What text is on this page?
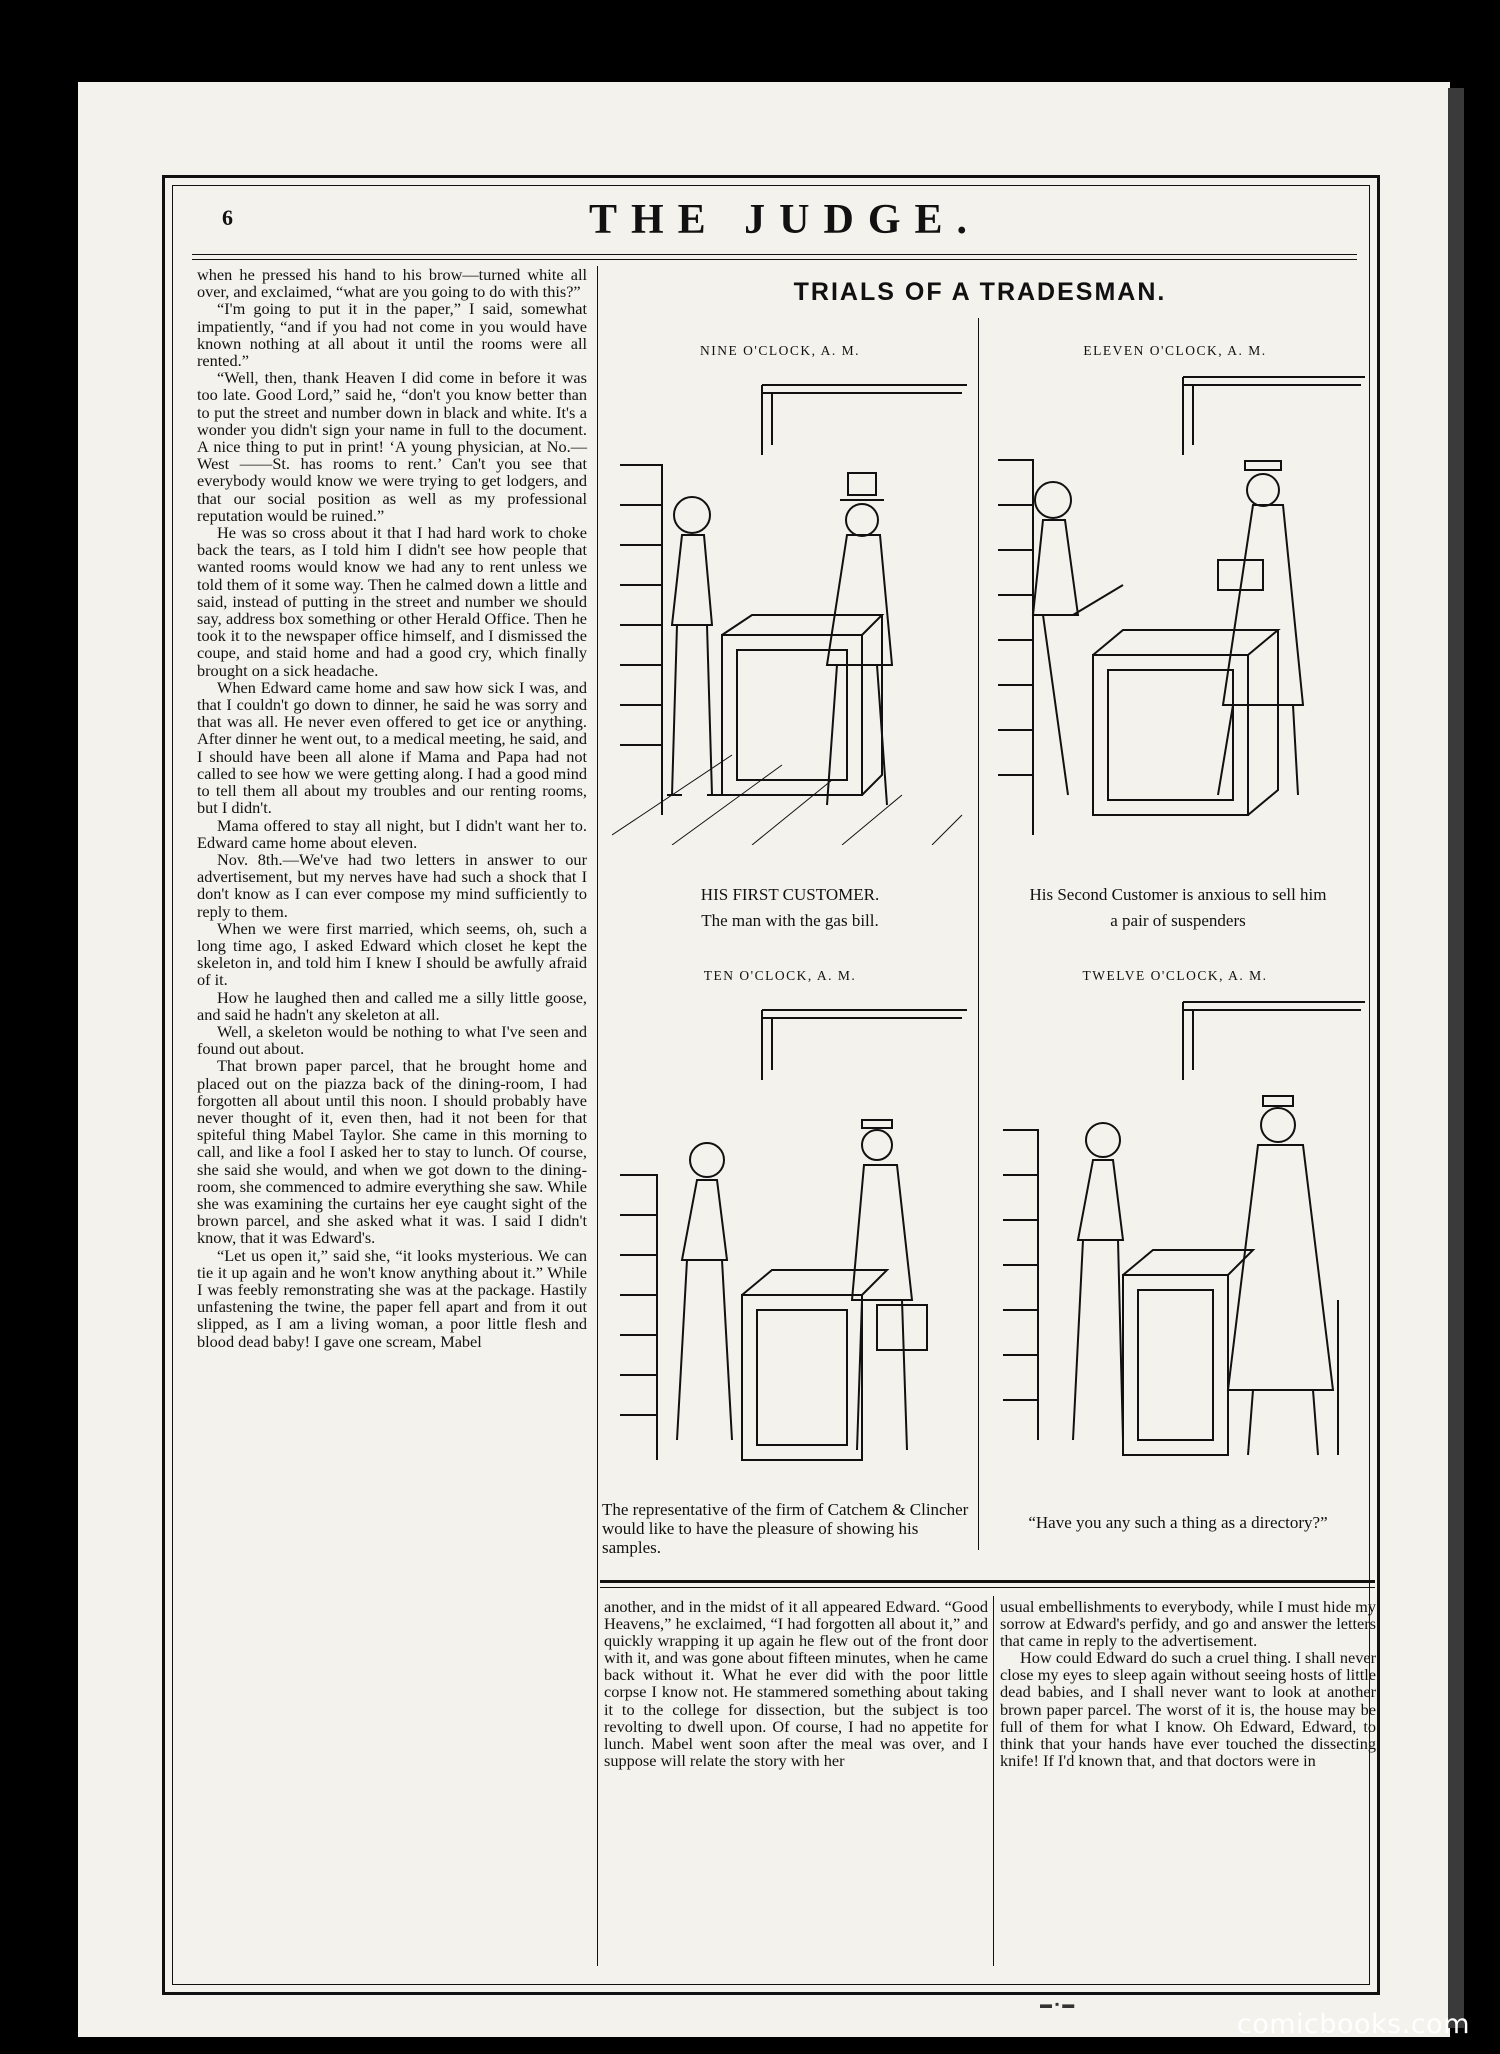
6	THE JUDGE.

when he pressed his hand to his brow—turned white all over, and exclaimed, “what are you going to do with this?”

“I'm going to put it in the paper,” I said, somewhat impatiently, “and if you had not come in you would have known nothing at all about it until the rooms were all rented.”

“Well, then, thank Heaven I did come in before it was too late. Good Lord,” said he, “don't you know better than to put the street and number down in black and white. It's a wonder you didn't sign your name in full to the document. A nice thing to put in print! ‘A young physician, at No.— West ——St. has rooms to rent.’ Can't you see that everybody would know we were trying to get lodgers, and that our social position as well as my professional reputation would be ruined.”

He was so cross about it that I had hard work to choke back the tears, as I told him I didn't see how people that wanted rooms would know we had any to rent unless we told them of it some way. Then he calmed down a little and said, instead of putting in the street and number we should say, address box something or other Herald Office. Then he took it to the newspaper office himself, and I dismissed the coupe, and staid home and had a good cry, which finally brought on a sick headache.

When Edward came home and saw how sick I was, and that I couldn't go down to dinner, he said he was sorry and that was all. He never even offered to get ice or anything. After dinner he went out, to a medical meeting, he said, and I should have been all alone if Mama and Papa had not called to see how we were getting along. I had a good mind to tell them all about my troubles and our renting rooms, but I didn't.

Mama offered to stay all night, but I didn't want her to. Edward came home about eleven.

Nov. 8th.—We've had two letters in answer to our advertisement, but my nerves have had such a shock that I don't know as I can ever compose my mind sufficiently to reply to them.

When we were first married, which seems, oh, such a long time ago, I asked Edward which closet he kept the skeleton in, and told him I knew I should be awfully afraid of it.

How he laughed then and called me a silly little goose, and said he hadn't any skeleton at all.

Well, a skeleton would be nothing to what I've seen and found out about.

That brown paper parcel, that he brought home and placed out on the piazza back of the dining-room, I had forgotten all about until this noon. I should probably have never thought of it, even then, had it not been for that spiteful thing Mabel Taylor. She came in this morning to call, and like a fool I asked her to stay to lunch. Of course, she said she would, and when we got down to the dining-room, she commenced to admire everything she saw. While she was examining the curtains her eye caught sight of the brown parcel, and she asked what it was. I said I didn't know, that it was Edward's.

“Let us open it,” said she, “it looks mysterious. We can tie it up again and he won't know anything about it.” While I was feebly remonstrating she was at the package. Hastily unfastening the twine, the paper fell apart and from it out slipped, as I am a living woman, a poor little flesh and blood dead baby! I gave one scream, Mabel

TRIALS OF A TRADESMAN.
NINE O'CLOCK, A. M.	ELEVEN O'CLOCK, A. M.
TEN O'CLOCK, A. M.	TWELVE O'CLOCK, A. M.
HIS FIRST CUSTOMER.
The man with the gas bill.
His Second Customer is anxious to sell him
a pair of suspenders
The representative of the firm of Catchem & Clincher would like to have the pleasure of showing his samples.
“Have you any such a thing as a directory?”

another, and in the midst of it all appeared Edward. “Good Heavens,” he exclaimed, “I had forgotten all about it,” and quickly wrapping it up again he flew out of the front door with it, and was gone about fifteen minutes, when he came back without it. What he ever did with the poor little corpse I know not. He stammered something about taking it to the college for dissection, but the subject is too revolting to dwell upon. Of course, I had no appetite for lunch. Mabel went soon after the meal was over, and I suppose will relate the story with her

usual embellishments to everybody, while I must hide my sorrow at Edward's perfidy, and go and answer the letters that came in reply to the advertisement.

How could Edward do such a cruel thing. I shall never close my eyes to sleep again without seeing hosts of little dead babies, and I shall never want to look at another brown paper parcel. The worst of it is, the house may be full of them for what I know. Oh Edward, Edward, to think that your hands have ever touched the dissecting knife! If I'd known that, and that doctors were in

▬ ▪ ▬
comicbooks.com
